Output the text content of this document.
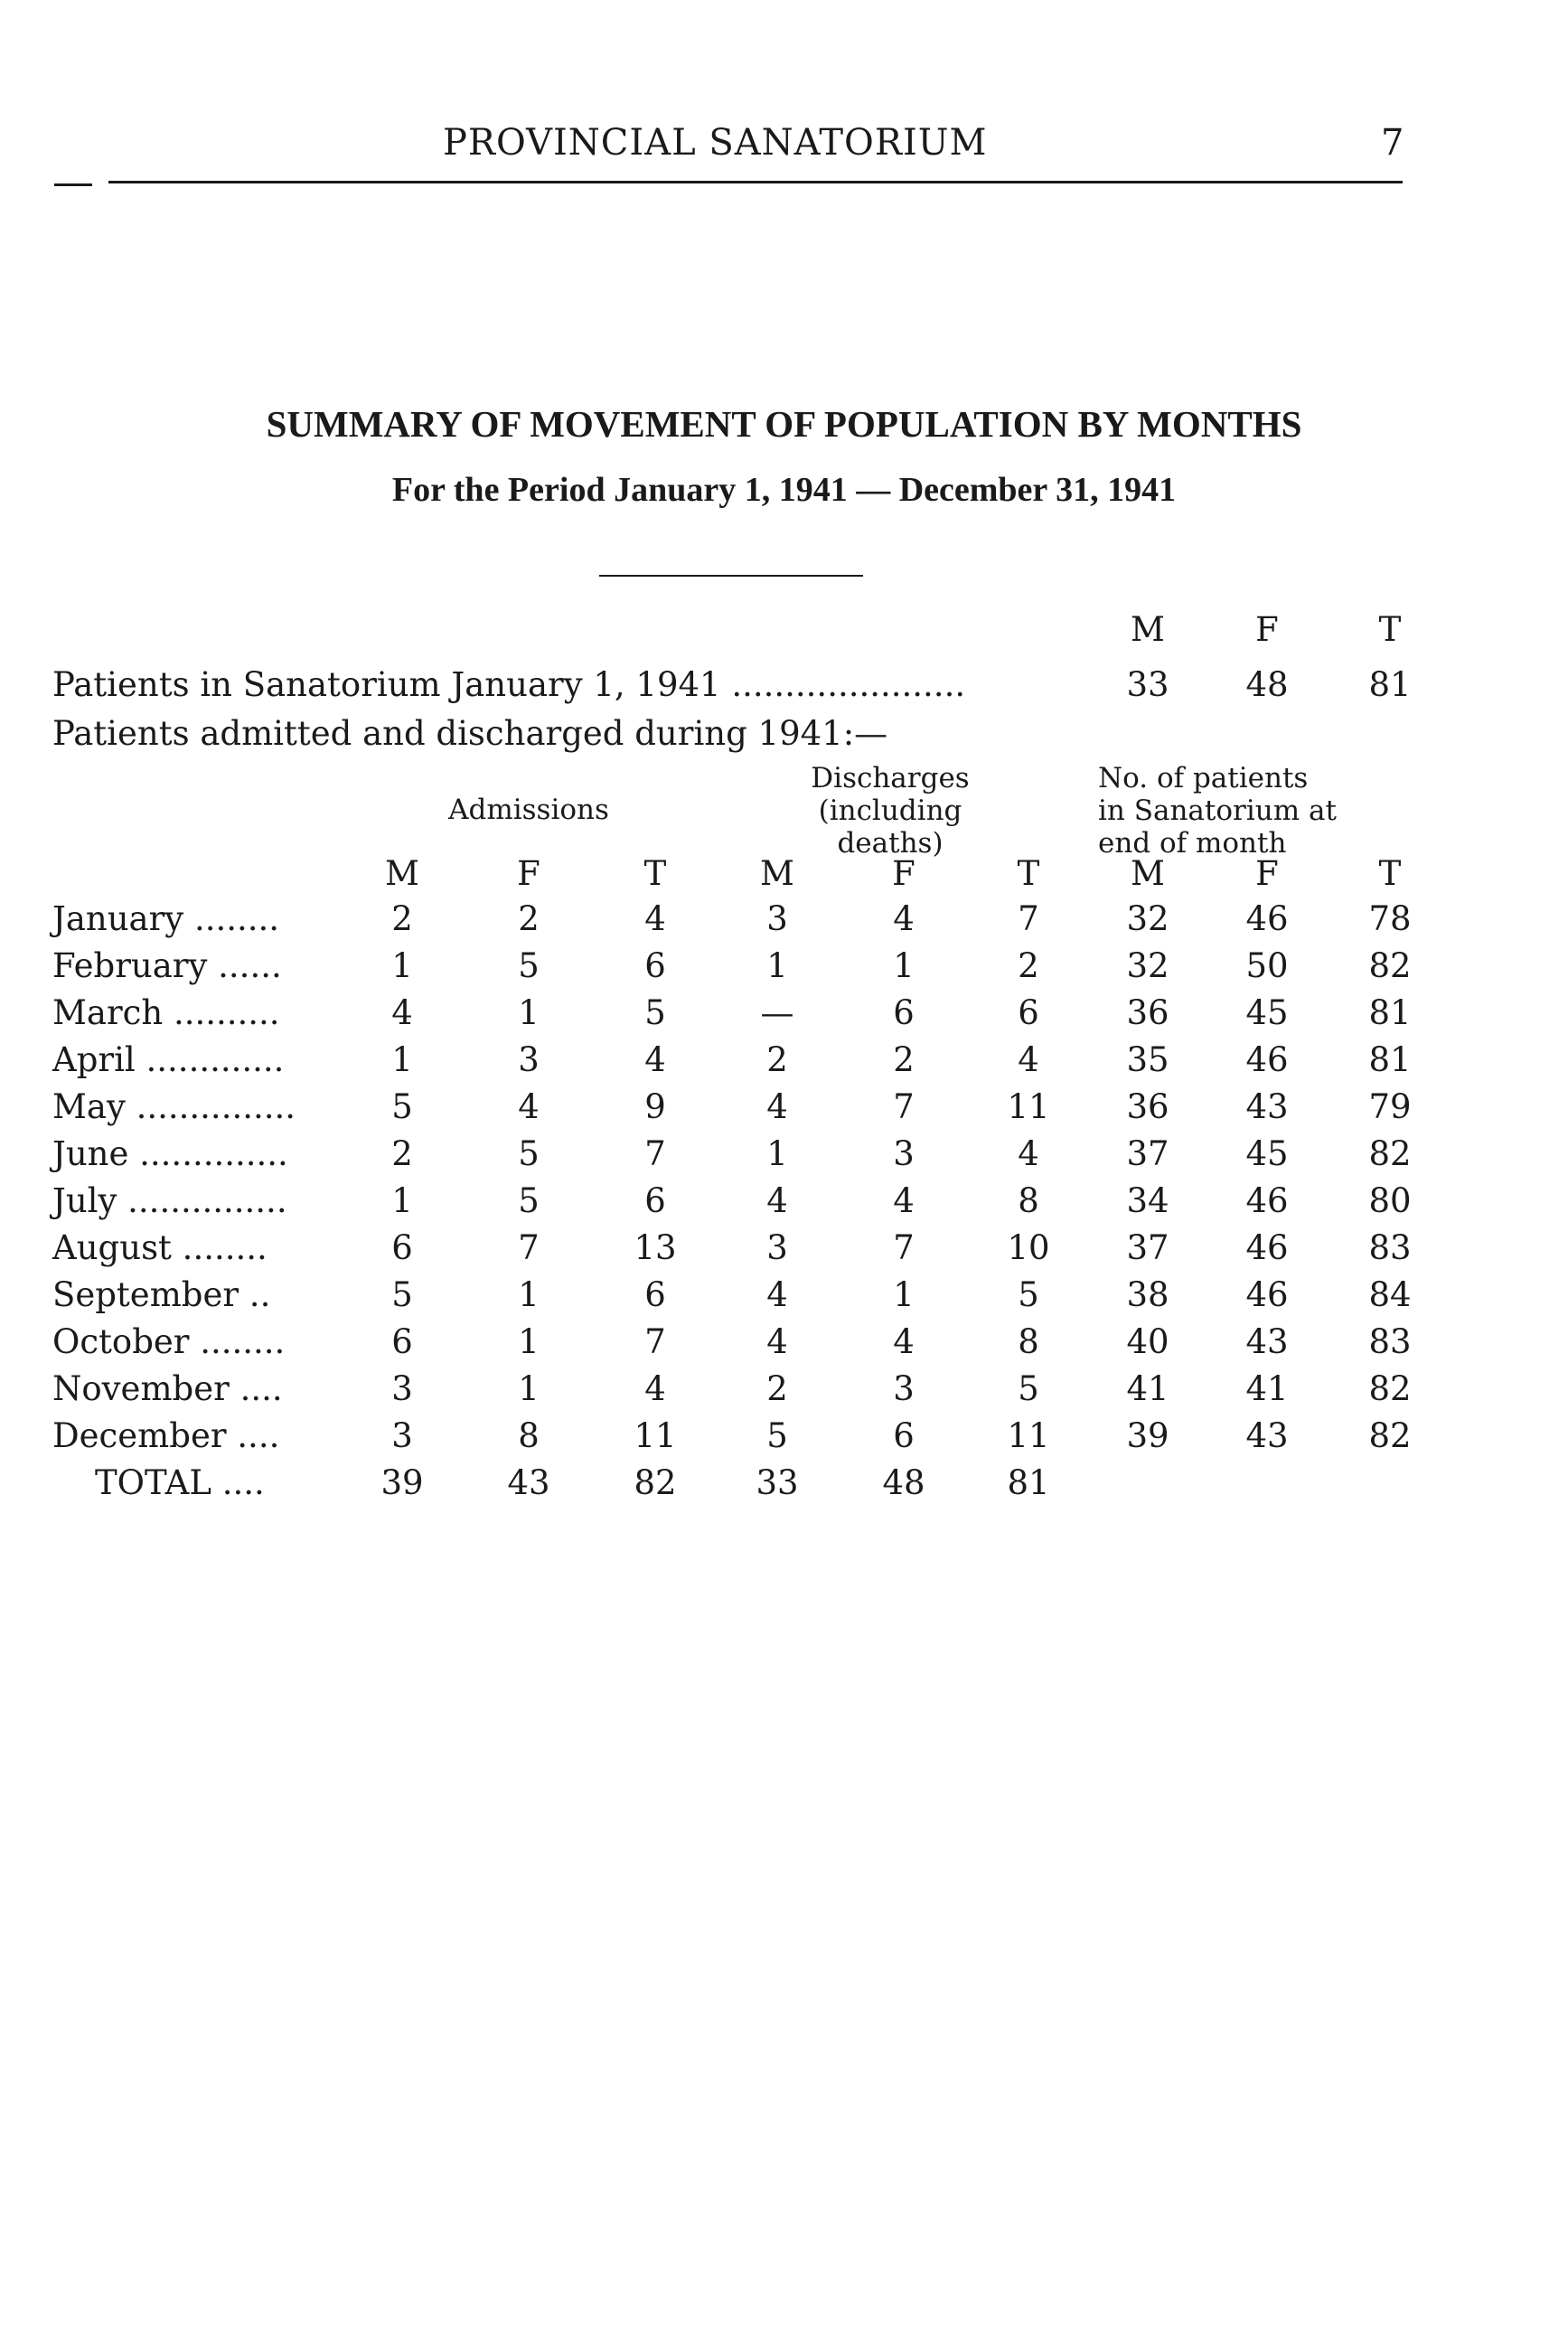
PROVINCIAL SANATORIUM	7
SUMMARY OF MOVEMENT OF POPULATION BY MONTHS
For the Period January 1, 1941 — December 31, 1941
M	F	T
Patients in Sanatorium January 1, 1941 ......................	33	48	81
Patients admitted and discharged during 1941:—
Admissions
Discharges
(including
deaths)
No. of patients
in Sanatorium at
end of month
M	F	T	M	F	T	M	F	T
January ........	2	2	4	3	4	7	32	46	78
February ......	1	5	6	1	1	2	32	50	82
March ..........	4	1	5	—	6	6	36	45	81
April .............	1	3	4	2	2	4	35	46	81
May ...............	5	4	9	4	7	11	36	43	79
June ..............	2	5	7	1	3	4	37	45	82
July ...............	1	5	6	4	4	8	34	46	80
August ........	6	7	13	3	7	10	37	46	83
September ..	5	1	6	4	1	5	38	46	84
October ........	6	1	7	4	4	8	40	43	83
November ....	3	1	4	2	3	5	41	41	82
December ....	3	8	11	5	6	11	39	43	82
TOTAL ....	39	43	82	33	48	81
